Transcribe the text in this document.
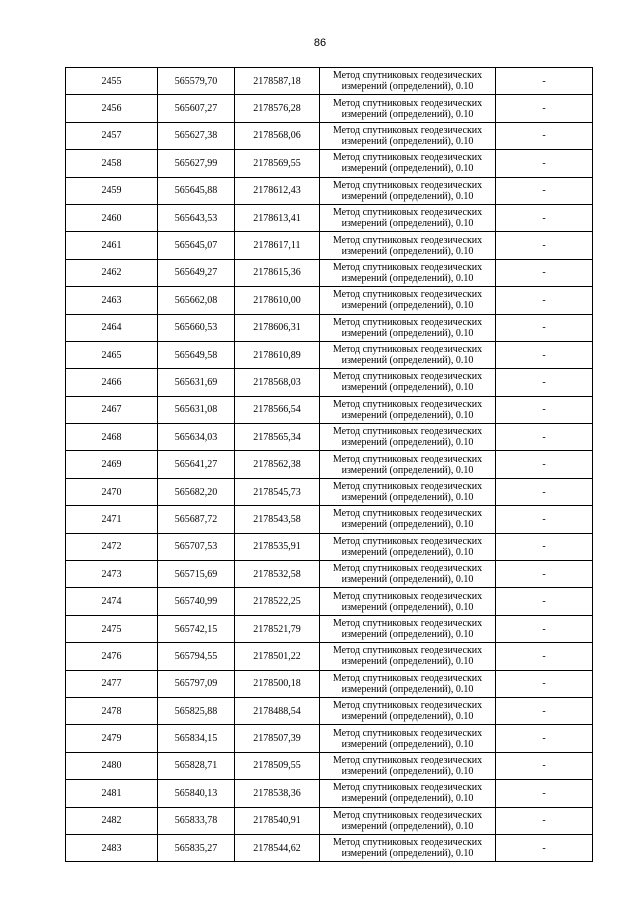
86
2455	565579,70	2178587,18	Метод спутниковых геодезических
измерений (определений), 0.10	-
2456	565607,27	2178576,28	Метод спутниковых геодезических
измерений (определений), 0.10	-
2457	565627,38	2178568,06	Метод спутниковых геодезических
измерений (определений), 0.10	-
2458	565627,99	2178569,55	Метод спутниковых геодезических
измерений (определений), 0.10	-
2459	565645,88	2178612,43	Метод спутниковых геодезических
измерений (определений), 0.10	-
2460	565643,53	2178613,41	Метод спутниковых геодезических
измерений (определений), 0.10	-
2461	565645,07	2178617,11	Метод спутниковых геодезических
измерений (определений), 0.10	-
2462	565649,27	2178615,36	Метод спутниковых геодезических
измерений (определений), 0.10	-
2463	565662,08	2178610,00	Метод спутниковых геодезических
измерений (определений), 0.10	-
2464	565660,53	2178606,31	Метод спутниковых геодезических
измерений (определений), 0.10	-
2465	565649,58	2178610,89	Метод спутниковых геодезических
измерений (определений), 0.10	-
2466	565631,69	2178568,03	Метод спутниковых геодезических
измерений (определений), 0.10	-
2467	565631,08	2178566,54	Метод спутниковых геодезических
измерений (определений), 0.10	-
2468	565634,03	2178565,34	Метод спутниковых геодезических
измерений (определений), 0.10	-
2469	565641,27	2178562,38	Метод спутниковых геодезических
измерений (определений), 0.10	-
2470	565682,20	2178545,73	Метод спутниковых геодезических
измерений (определений), 0.10	-
2471	565687,72	2178543,58	Метод спутниковых геодезических
измерений (определений), 0.10	-
2472	565707,53	2178535,91	Метод спутниковых геодезических
измерений (определений), 0.10	-
2473	565715,69	2178532,58	Метод спутниковых геодезических
измерений (определений), 0.10	-
2474	565740,99	2178522,25	Метод спутниковых геодезических
измерений (определений), 0.10	-
2475	565742,15	2178521,79	Метод спутниковых геодезических
измерений (определений), 0.10	-
2476	565794,55	2178501,22	Метод спутниковых геодезических
измерений (определений), 0.10	-
2477	565797,09	2178500,18	Метод спутниковых геодезических
измерений (определений), 0.10	-
2478	565825,88	2178488,54	Метод спутниковых геодезических
измерений (определений), 0.10	-
2479	565834,15	2178507,39	Метод спутниковых геодезических
измерений (определений), 0.10	-
2480	565828,71	2178509,55	Метод спутниковых геодезических
измерений (определений), 0.10	-
2481	565840,13	2178538,36	Метод спутниковых геодезических
измерений (определений), 0.10	-
2482	565833,78	2178540,91	Метод спутниковых геодезических
измерений (определений), 0.10	-
2483	565835,27	2178544,62	Метод спутниковых геодезических
измерений (определений), 0.10	-
